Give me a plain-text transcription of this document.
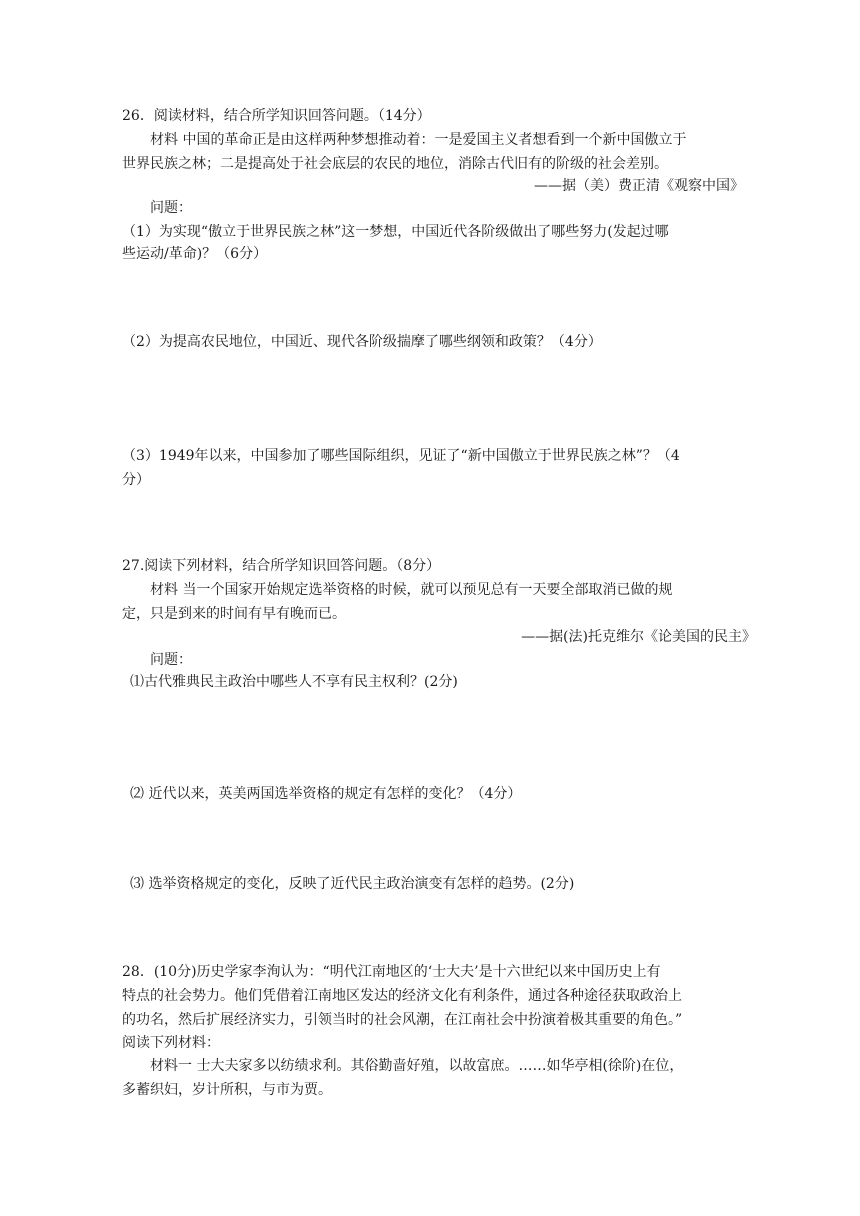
26．阅读材料，结合所学知识回答问题。（14分）
材料 中国的革命正是由这样两种梦想推动着：一是爱国主义者想看到一个新中国傲立于
世界民族之林；二是提高处于社会底层的农民的地位，消除古代旧有的阶级的社会差别。
——据（美）费正清《观察中国》
问题：
（1）为实现“傲立于世界民族之林”这一梦想，中国近代各阶级做出了哪些努力(发起过哪
些运动/革命)？（6分）
（2）为提高农民地位，中国近、现代各阶级揣摩了哪些纲领和政策？（4分）
（3）1949年以来，中国参加了哪些国际组织，见证了“新中国傲立于世界民族之林”？（4
分）
27.阅读下列材料，结合所学知识回答问题。（8分）
材料 当一个国家开始规定选举资格的时候，就可以预见总有一天要全部取消已做的规
定，只是到来的时间有早有晚而已。
——据(法)托克维尔《论美国的民主》
问题：
⑴古代雅典民主政治中哪些人不享有民主权利？(2分)
⑵ 近代以来，英美两国选举资格的规定有怎样的变化？（4分）
⑶ 选举资格规定的变化，反映了近代民主政治演变有怎样的趋势。(2分)
28．(10分)历史学家李洵认为：“明代江南地区的‘士大夫’是十六世纪以来中国历史上有
特点的社会势力。他们凭借着江南地区发达的经济文化有利条件，通过各种途径获取政治上
的功名，然后扩展经济实力，引领当时的社会风潮，在江南社会中扮演着极其重要的角色。”
阅读下列材料：
材料一 士大夫家多以纺绩求利。其俗勤啬好殖，以故富庶。……如华亭相(徐阶)在位，
多蓄织妇，岁计所积，与市为贾。
